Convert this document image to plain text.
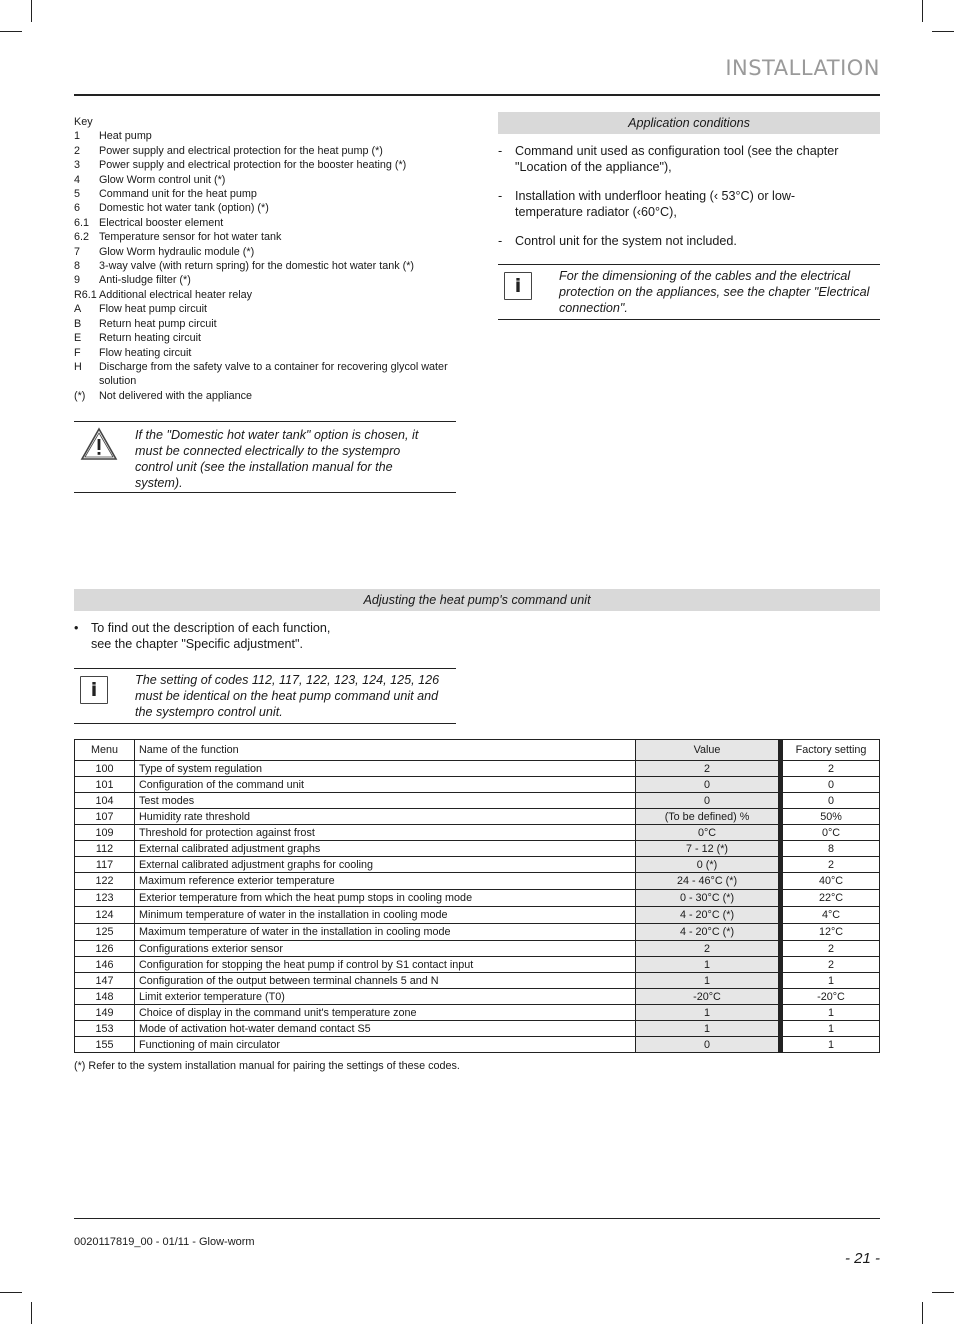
INSTALLATION
Key
1	Heat pump
2	Power supply and electrical protection for the heat pump (*)
3	Power supply and electrical protection for the booster heating (*)
4	Glow Worm control unit (*)
5	Command unit for the heat pump
6	Domestic hot water tank (option) (*)
6.1 Electrical booster element
6.2 Temperature sensor for hot water tank
7	Glow Worm hydraulic module (*)
8	3-way valve (with return spring) for the domestic hot water tank (*)
9	Anti-sludge filter (*)
R6.1 Additional electrical heater relay
A	Flow heat pump circuit
B	Return heat pump circuit
E	Return heating circuit
F	Flow heating circuit
H	Discharge from the safety valve to a container for recovering glycol water solution
(*)	Not delivered with the appliance
If the "Domestic hot water tank" option is chosen, it must be connected electrically to the systempro control unit (see the installation manual for the system).
Application conditions
-	Command unit used as configuration tool (see the chapter "Location of the appliance"),
-	Installation with underfloor heating (‹ 53°C) or low-temperature radiator (‹60°C),
-	Control unit for the system not included.
i	For the dimensioning of the cables and the electrical protection on the appliances, see the chapter "Electrical connection".
Adjusting the heat pump's command unit
• To find out the description of each function,
see the chapter "Specific adjustment".
i	The setting of codes 112, 117, 122, 123, 124, 125, 126 must be identical on the heat pump command unit and the systempro control unit.
Menu	Name of the function	Value	Factory setting
100	Type of system regulation	2	2
101	Configuration of the command unit	0	0
104	Test modes	0	0
107	Humidity rate threshold	(To be defined) %	50%
109	Threshold for protection against frost	0°C	0°C
112	External calibrated adjustment graphs	7 - 12 (*)	8
117	External calibrated adjustment graphs for cooling	0 (*)	2
122	Maximum reference exterior temperature	24 - 46°C (*)	40°C
123	Exterior temperature from which the heat pump stops in cooling mode	0 - 30°C (*)	22°C
124	Minimum temperature of water in the installation in cooling mode	4 - 20°C (*)	4°C
125	Maximum temperature of water in the installation in cooling mode	4 - 20°C (*)	12°C
126	Configurations exterior sensor	2	2
146	Configuration for stopping the heat pump if control by S1 contact input	1	2
147	Configuration of the output between terminal channels 5 and N	1	1
148	Limit exterior temperature (T0)	-20°C	-20°C
149	Choice of display in the command unit's temperature zone	1	1
153	Mode of activation hot-water demand contact S5	1	1
155	Functioning of main circulator	0	1
(*) Refer to the system installation manual for pairing the settings of these codes.
0020117819_00 - 01/11 - Glow-worm
- 21 -
